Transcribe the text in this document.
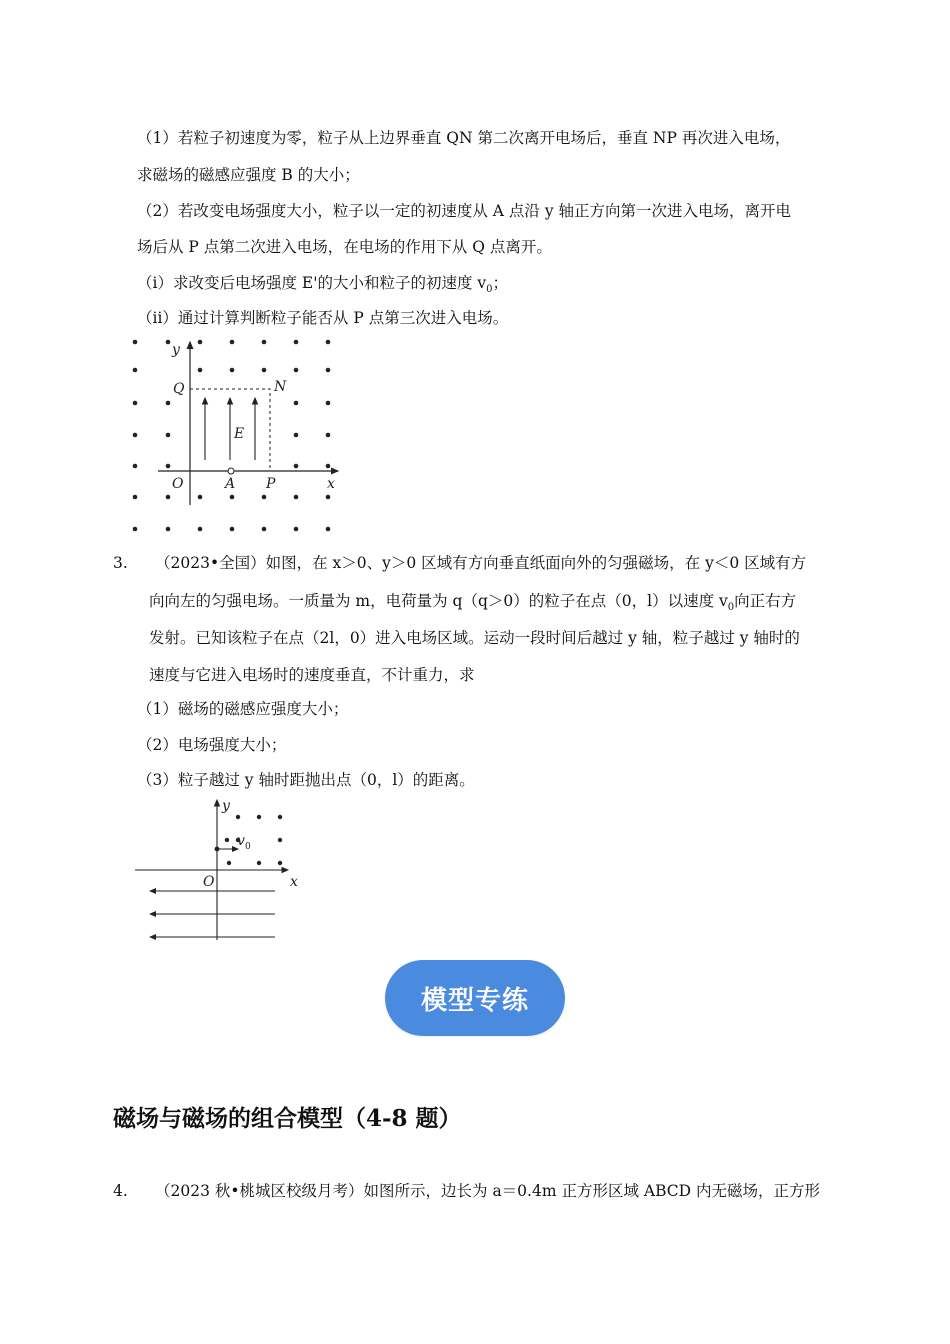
（1）若粒子初速度为零，粒子从上边界垂直 QN 第二次离开电场后，垂直 NP 再次进入电场，
求磁场的磁感应强度 B 的大小；
（2）若改变电场强度大小，粒子以一定的初速度从 A 点沿 y 轴正方向第一次进入电场，离开电
场后从 P 点第二次进入电场，在电场的作用下从 Q 点离开。
（i）求改变后电场强度 E'的大小和粒子的初速度 $v_0$；
（ⅱ）通过计算判断粒子能否从 P 点第三次进入电场。
y
Q	N
E
O	A P	x
3. （2023•全国）如图，在 x＞0、y＞0 区域有方向垂直纸面向外的匀强磁场，在 y＜0 区域有方
向向左的匀强电场。一质量为 m，电荷量为 q（q＞0）的粒子在点（0，l）以速度 $v_0$向正右方
发射。已知该粒子在点（2l，0）进入电场区域。运动一段时间后越过 y 轴，粒子越过 y 轴时的
速度与它进入电场时的速度垂直，不计重力，求
（1）磁场的磁感应强度大小；
（2）电场强度大小；
（3）粒子越过 y 轴时距抛出点（0，l）的距离。
y
v 0
O	x
模型专练
磁场与磁场的组合模型（4-8 题）
4. （2023 秋•桃城区校级月考）如图所示，边长为 a＝0.4m 正方形区域 ABCD 内无磁场，正方形
